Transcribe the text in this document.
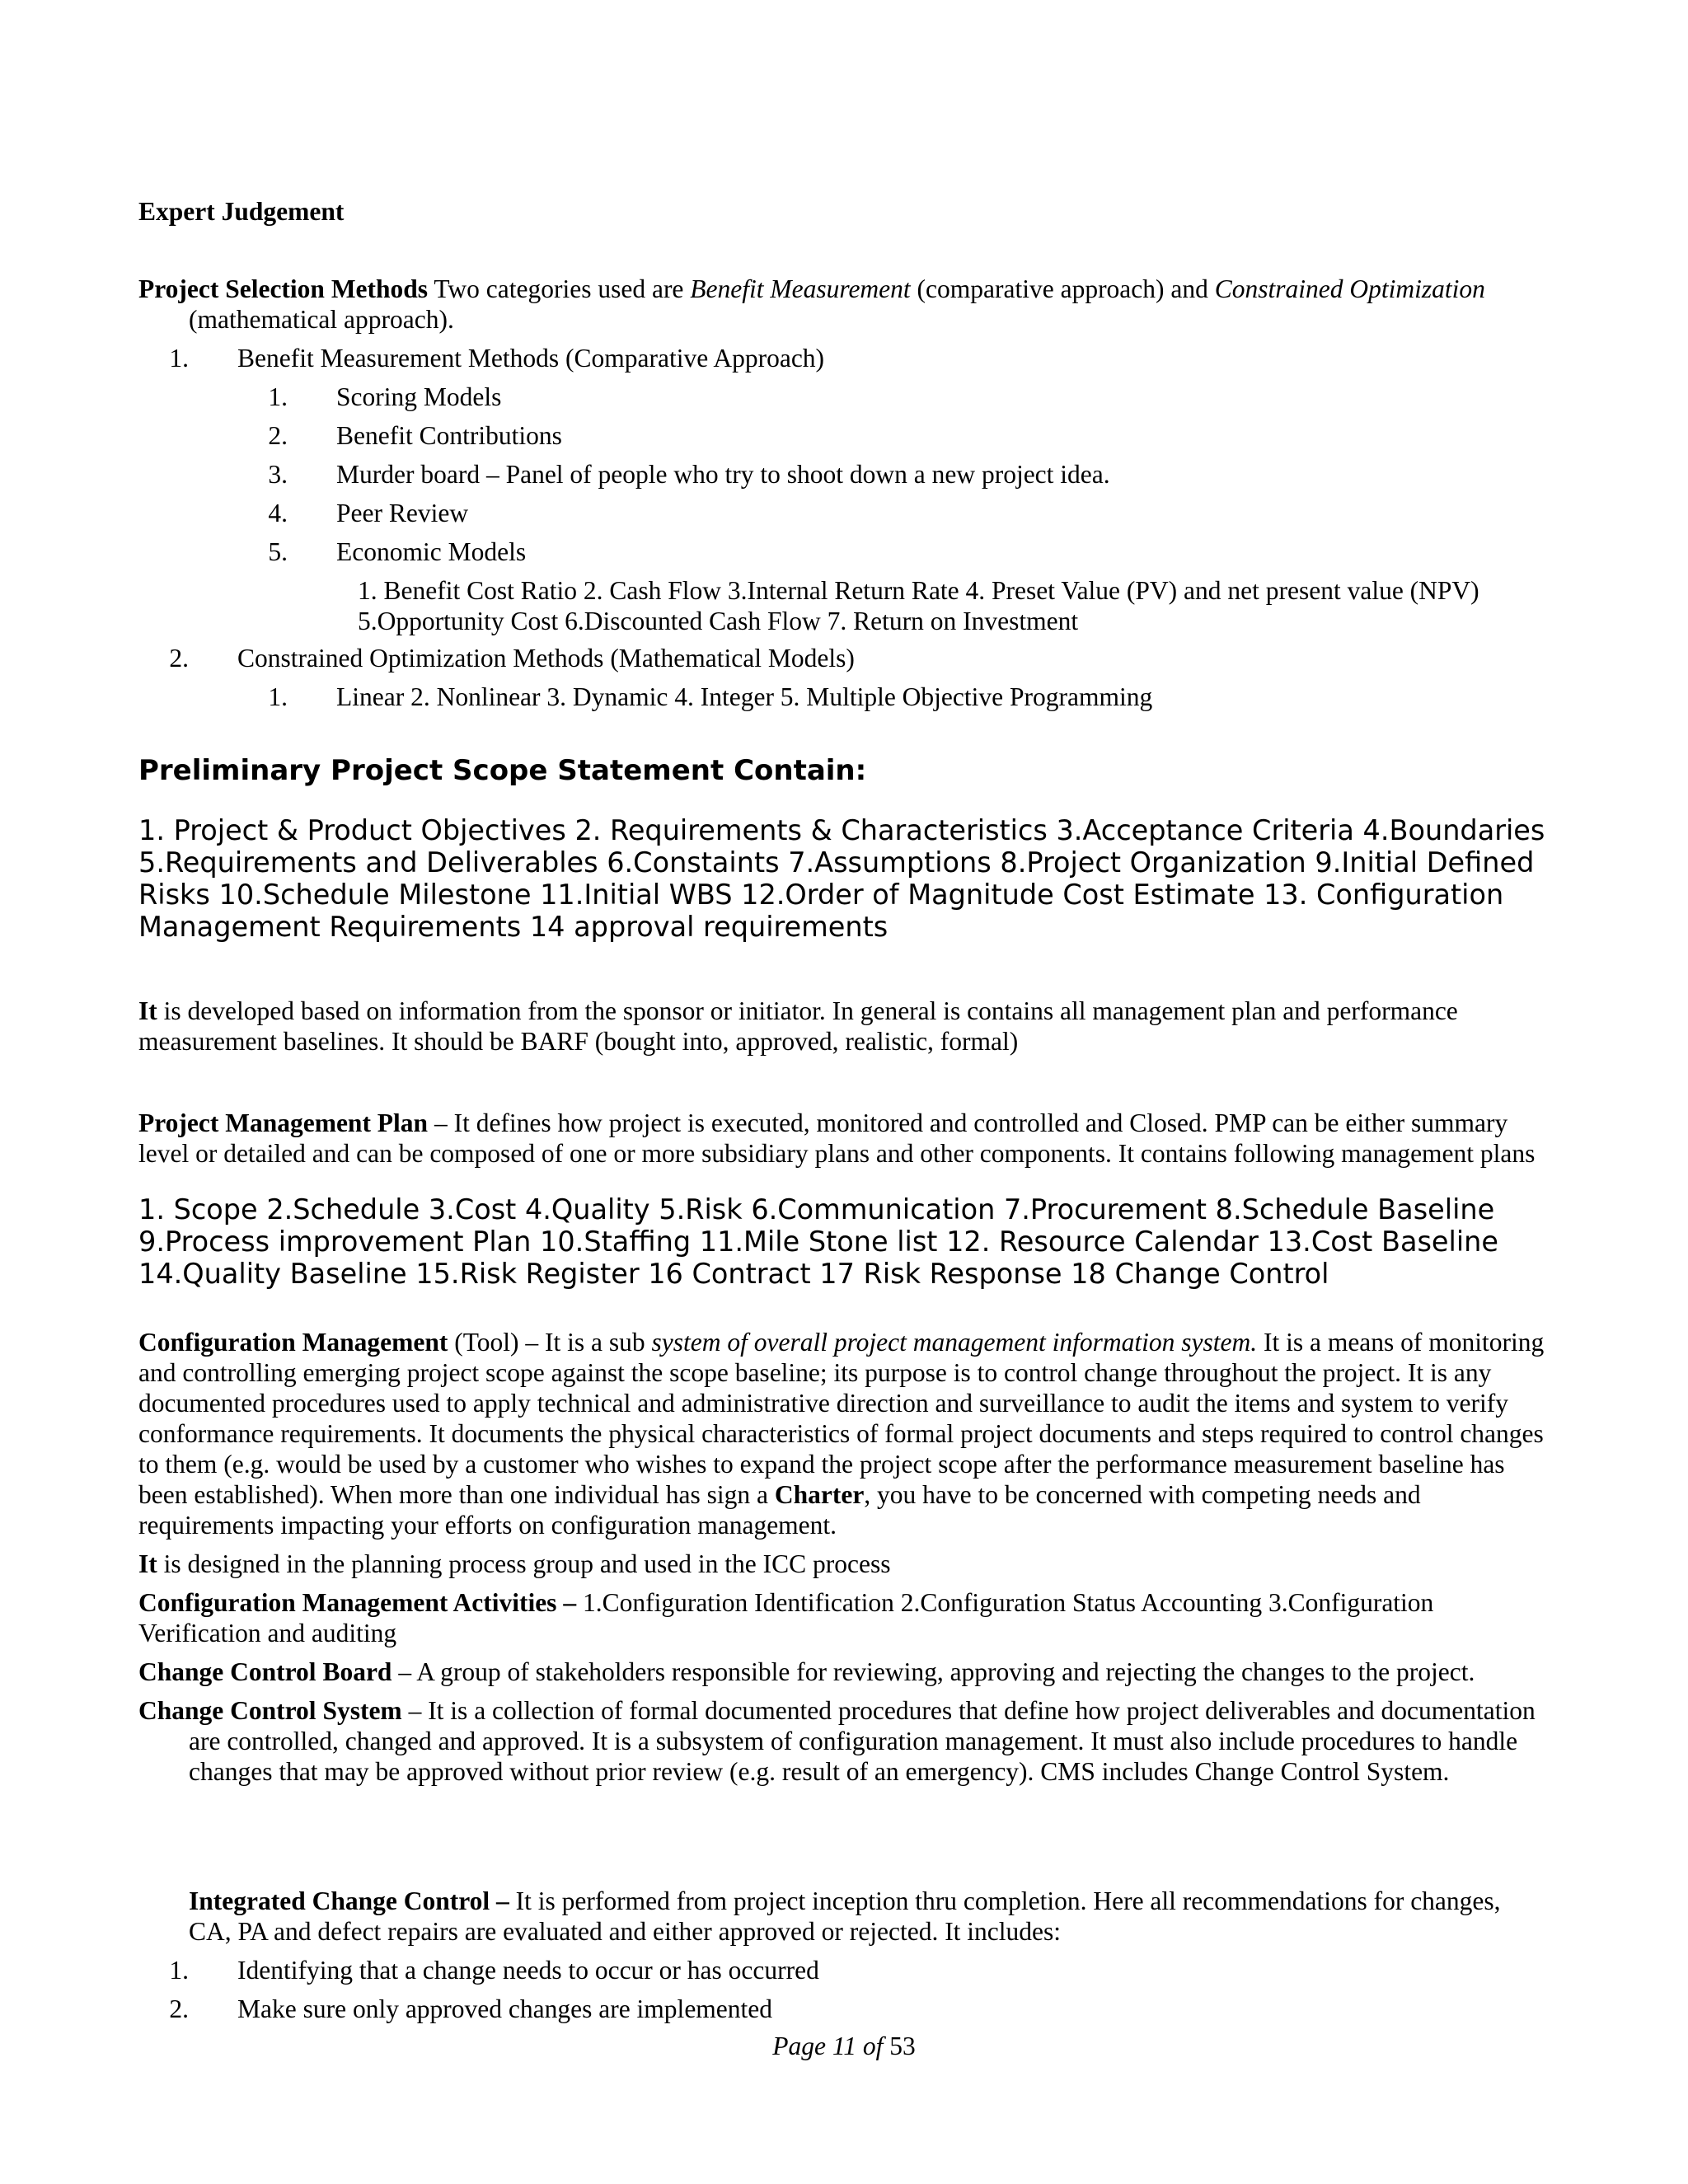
Expert Judgement

Project Selection Methods Two categories used are Benefit Measurement (comparative approach) and Constrained Optimization (mathematical approach).

1. Benefit Measurement Methods (Comparative Approach)
1. Scoring Models
2. Benefit Contributions
3. Murder board – Panel of people who try to shoot down a new project idea.
4. Peer Review
5. Economic Models

1. Benefit Cost Ratio 2. Cash Flow 3.Internal Return Rate 4. Preset Value (PV) and net present value (NPV)

5.Opportunity Cost 6.Discounted Cash Flow 7. Return on Investment

2. Constrained Optimization Methods (Mathematical Models)
1. Linear 2. Nonlinear 3. Dynamic 4. Integer 5. Multiple Objective Programming

Preliminary Project Scope Statement Contain:

1. Project & Product Objectives 2. Requirements & Characteristics 3.Acceptance Criteria 4.Boundaries 5.Requirements and Deliverables 6.Constaints 7.Assumptions 8.Project Organization 9.Initial Defined Risks 10.Schedule Milestone 11.Initial WBS 12.Order of Magnitude Cost Estimate 13. Configuration Management Requirements 14 approval requirements

It is developed based on information from the sponsor or initiator. In general is contains all management plan and performance measurement baselines. It should be BARF (bought into, approved, realistic, formal)

Project Management Plan – It defines how project is executed, monitored and controlled and Closed. PMP can be either summary level or detailed and can be composed of one or more subsidiary plans and other components. It contains following management plans

1. Scope 2.Schedule 3.Cost 4.Quality 5.Risk 6.Communication 7.Procurement 8.Schedule Baseline 9.Process improvement Plan 10.Staffing 11.Mile Stone list 12. Resource Calendar 13.Cost Baseline 14.Quality Baseline 15.Risk Register 16 Contract 17 Risk Response 18 Change Control

Configuration Management (Tool) – It is a sub system of overall project management information system. It is a means of monitoring and controlling emerging project scope against the scope baseline; its purpose is to control change throughout the project. It is any documented procedures used to apply technical and administrative direction and surveillance to audit the items and system to verify conformance requirements. It documents the physical characteristics of formal project documents and steps required to control changes to them (e.g. would be used by a customer who wishes to expand the project scope after the performance measurement baseline has been established). When more than one individual has sign a Charter, you have to be concerned with competing needs and requirements impacting your efforts on configuration management.

It is designed in the planning process group and used in the ICC process

Configuration Management Activities – 1.Configuration Identification 2.Configuration Status Accounting 3.Configuration Verification and auditing

Change Control Board – A group of stakeholders responsible for reviewing, approving and rejecting the changes to the project.

Change Control System – It is a collection of formal documented procedures that define how project deliverables and documentation are controlled, changed and approved. It is a subsystem of configuration management. It must also include procedures to handle changes that may be approved without prior review (e.g. result of an emergency). CMS includes Change Control System.

Integrated Change Control – It is performed from project inception thru completion. Here all recommendations for changes, CA, PA and defect repairs are evaluated and either approved or rejected. It includes:

1. Identifying that a change needs to occur or has occurred
2. Make sure only approved changes are implemented

Page 11 of 53
